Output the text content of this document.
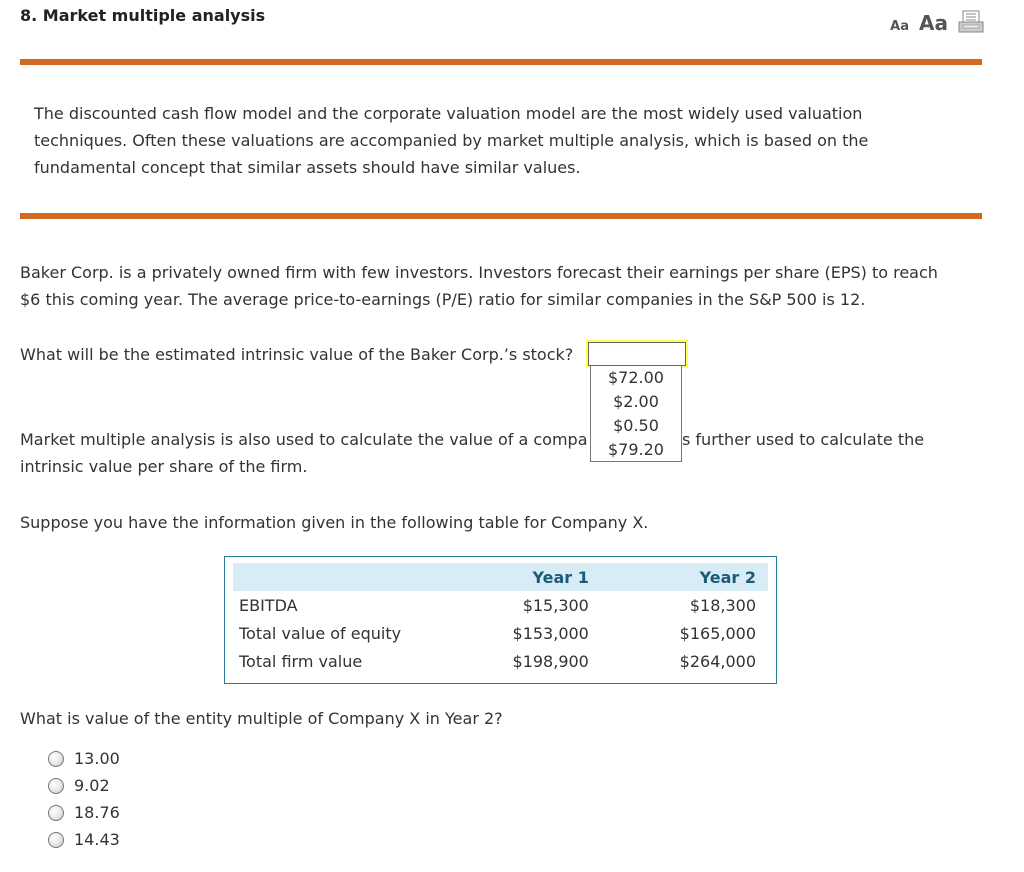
8. Market multiple analysis
Aa Aa
The discounted cash flow model and the corporate valuation model are the most widely used valuation techniques. Often these valuations are accompanied by market multiple analysis, which is based on the fundamental concept that similar assets should have similar values.
Baker Corp. is a privately owned firm with few investors. Investors forecast their earnings per share (EPS) to reach
$6 this coming year. The average price-to-earnings (P/E) ratio for similar companies in the S&P 500 is 12.
What will be the estimated intrinsic value of the Baker Corp.’s stock?
Market multiple analysis is also used to calculate the value of a compa	s further used to calculate the
intrinsic value per share of the firm.
$72.00
$2.00
$0.50
$79.20
Suppose you have the information given in the following table for Company X.
	Year 1	Year 2
EBITDA	$15,300	$18,300
Total value of equity	$153,000	$165,000
Total firm value	$198,900	$264,000
What is value of the entity multiple of Company X in Year 2?
13.00
9.02
18.76
14.43
